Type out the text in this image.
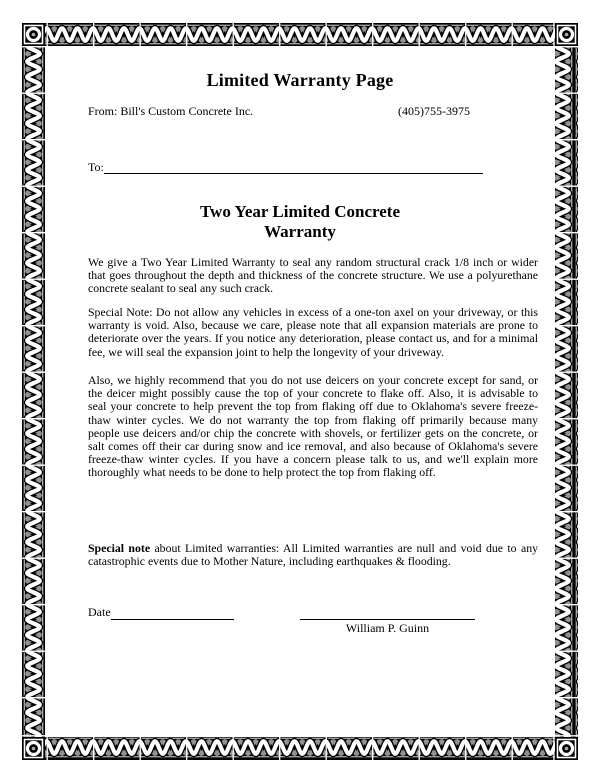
Limited Warranty Page
From: Bill's Custom Concrete Inc.	(405)755-3975
To:
Two Year Limited Concrete
Warranty
We give a Two Year Limited Warranty to seal any random structural crack 1/8 inch or wider that goes throughout the depth and thickness of the concrete structure. We use a polyurethane concrete sealant to seal any such crack.
Special Note: Do not allow any vehicles in excess of a one-ton axel on your driveway, or this warranty is void. Also, because we care, please note that all expansion materials are prone to deteriorate over the years. If you notice any deterioration, please contact us, and for a minimal fee, we will seal the expansion joint to help the longevity of your driveway.
Also, we highly recommend that you do not use deicers on your concrete except for sand, or the deicer might possibly cause the top of your concrete to flake off. Also, it is advisable to seal your concrete to help prevent the top from flaking off due to Oklahoma's severe freeze-thaw winter cycles. We do not warranty the top from flaking off primarily because many people use deicers and/or chip the concrete with shovels, or fertilizer gets on the concrete, or salt comes off their car during snow and ice removal, and also because of Oklahoma's severe freeze-thaw winter cycles. If you have a concern please talk to us, and we'll explain more thoroughly what needs to be done to help protect the top from flaking off.
Special note about Limited warranties: All Limited warranties are null and void due to any catastrophic events due to Mother Nature, including earthquakes & flooding.
Date
William P. Guinn
